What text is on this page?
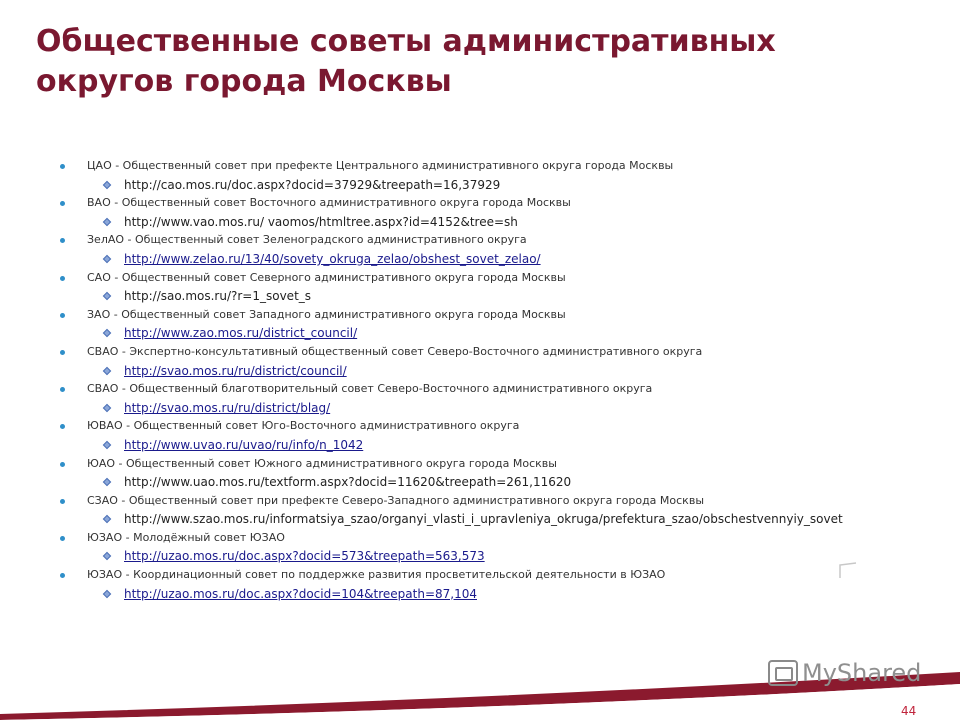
Общественные советы административных
округов города Москвы
ЦАО - Общественный совет при префекте Центрального административного округа города Москвы
http://cao.mos.ru/doc.aspx?docid=37929&treepath=16,37929
ВАО - Общественный совет Восточного административного округа города Москвы
http://www.vao.mos.ru/ vaomos/htmltree.aspx?id=4152&tree=sh
ЗелАО - Общественный совет Зеленоградского административного округа
http://www.zelao.ru/13/40/sovety_okruga_zelao/obshest_sovet_zelao/
САО - Общественный совет Северного административного округа города Москвы
http://sao.mos.ru/?r=1_sovet_s
ЗАО - Общественный совет Западного административного округа города Москвы
http://www.zao.mos.ru/district_council/
СВАО - Экспертно-консультативный общественный совет Северо-Восточного административного округа
http://svao.mos.ru/ru/district/council/
СВАО - Общественный благотворительный совет Северо-Восточного административного округа
http://svao.mos.ru/ru/district/blag/
ЮВАО - Общественный совет Юго-Восточного административного округа
http://www.uvao.ru/uvao/ru/info/n_1042
ЮАО - Общественный совет Южного административного округа города Москвы
http://www.uao.mos.ru/textform.aspx?docid=11620&treepath=261,11620
СЗАО - Общественный совет при префекте Северо-Западного административного округа города Москвы
http://www.szao.mos.ru/informatsiya_szao/organyi_vlasti_i_upravleniya_okruga/prefektura_szao/obschestvennyiy_sovet
ЮЗАО - Молодёжный совет ЮЗАО
http://uzao.mos.ru/doc.aspx?docid=573&treepath=563,573
ЮЗАО - Координационный совет по поддержке развития просветительской деятельности в ЮЗАО
http://uzao.mos.ru/doc.aspx?docid=104&treepath=87,104
MyShared
44
